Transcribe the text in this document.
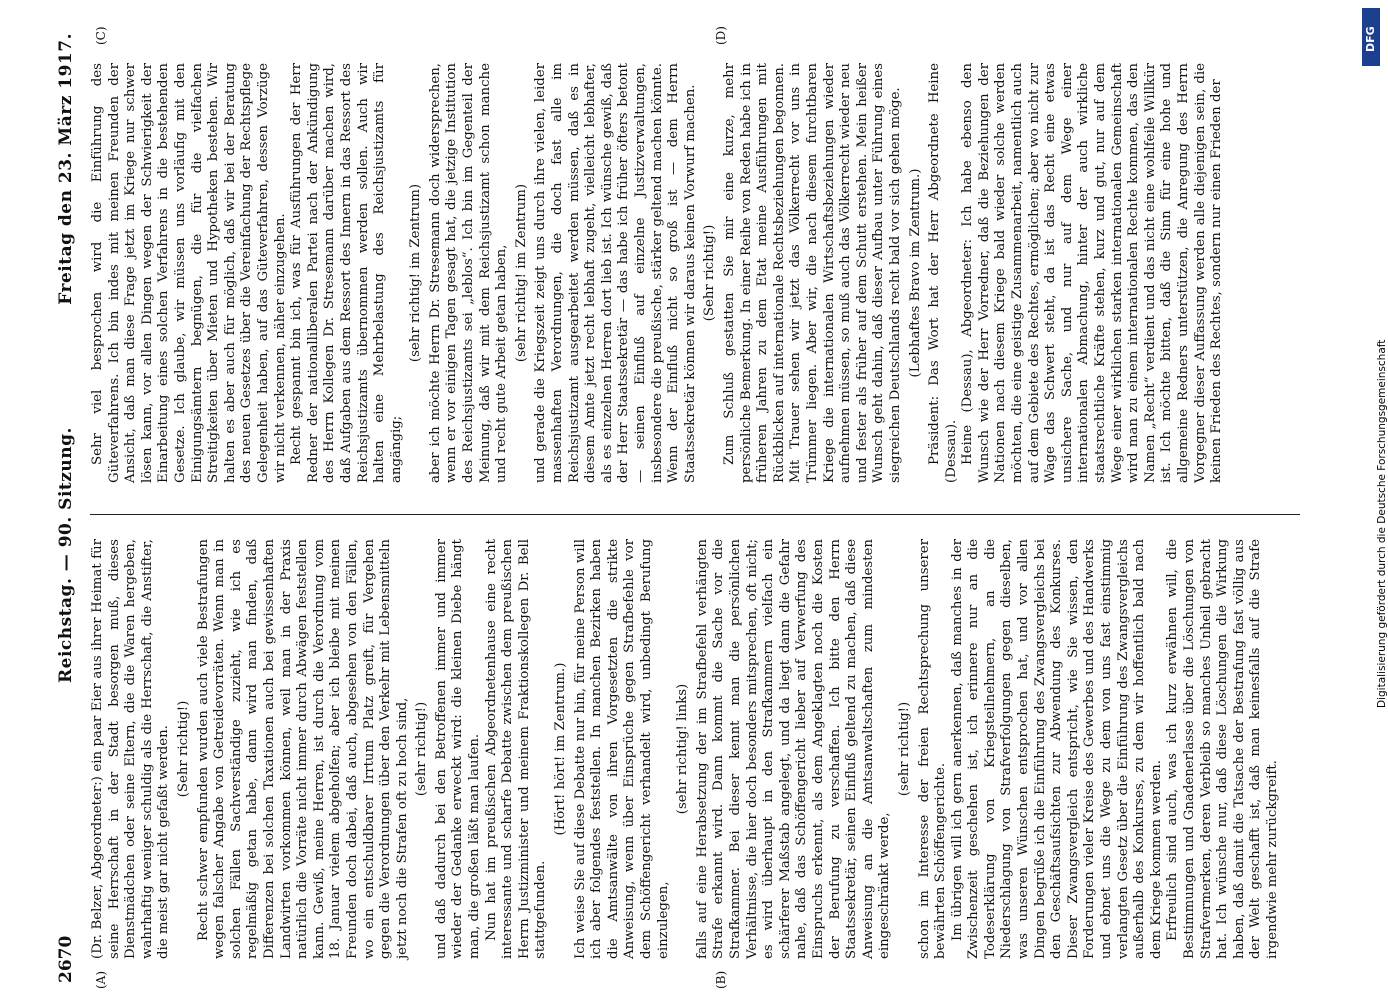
2670
Reichstag. — 90. Sitzung.
Freitag den 23. März 1917.
(A)	(B)
(C)	(D)

(Dr. Belzer, Abgeordneter:) ein paar Eier aus ihrer Heimat für seine Herrschaft in der Stadt besorgen muß, dieses Dienstmädchen oder seine Eltern, die die Waren hergeben, wahrhaftig weniger schuldig als die Herrschaft, die Anstifter, die meist gar nicht gefaßt werden. (Sehr richtig!) Recht schwer empfunden wurden auch viele Bestrafungen wegen falscher Angabe von Getreidevorräten. Wenn man in solchen Fällen Sachverständige zuzieht, wie ich es regelmäßig getan habe, dann wird man finden, daß Differenzen bei solchen Taxationen auch bei gewissenhaften Landwirten vorkommen können, weil man in der Praxis natürlich die Vorräte nicht immer durch Abwägen feststellen kann. Gewiß, meine Herren, ist durch die Verordnung vom 18. Januar vielem abgeholfen; aber ich bleibe mit meinen Freunden doch dabei, daß auch, abgesehen von den Fällen, wo ein entschuldbarer Irrtum Platz greift, für Vergehen gegen die Verordnungen über den Verkehr mit Lebensmitteln jetzt noch die Strafen oft zu hoch sind, (sehr richtig!) und daß dadurch bei den Betroffenen immer und immer wieder der Gedanke erweckt wird: die kleinen Diebe hängt man, die großen läßt man laufen. Nun hat im preußischen Abgeordnetenhause eine recht interessante und scharfe Debatte zwischen dem preußischen Herrn Justizminister und meinem Fraktionskollegen Dr. Bell stattgefunden.

(Hört! hört! im Zentrum.) Ich weise Sie auf diese Debatte nur hin, für meine Person will ich aber folgendes feststellen. In manchen Bezirken haben die Amtsanwälte von ihren Vorgesetzten die strikte Anweisung, wenn über Einsprüche gegen Strafbefehle vor dem Schöffengericht verhandelt wird, unbedingt Berufung einzulegen,

(sehr richtig! links) falls auf eine Herabsetzung der im Strafbefehl verhängten Strafe erkannt wird. Dann kommt die Sache vor die Strafkammer. Bei dieser kennt man die persönlichen Verhältnisse, die hier doch besonders mitsprechen, oft nicht; es wird überhaupt in den Strafkammern vielfach ein schärferer Maßstab angelegt, und da liegt dann die Gefahr nahe, daß das Schöffengericht lieber auf Verwerfung des Einspruchs erkennt, als dem Angeklagten noch die Kosten der Berufung zu verschaffen. Ich bitte den Herrn Staatssekretär, seinen Einfluß geltend zu machen, daß diese Anweisung an die Amtsanwaltschaften zum mindesten eingeschränkt werde,

(sehr richtig!) schon im Interesse der freien Rechtsprechung unserer bewährten Schöffengerichte. Im übrigen will ich gern anerkennen, daß manches in der Zwischenzeit geschehen ist, ich erinnere nur an die Todeserklärung von Kriegsteilnehmern, an die Niederschlagung von Strafverfolgungen gegen dieselben, was unseren Wünschen entsprochen hat, und vor allen Dingen begrüße ich die Einführung des Zwangsvergleichs bei den Geschäftsaufsichten zur Abwendung des Konkurses. Dieser Zwangsvergleich entspricht, wie Sie wissen, den Forderungen vieler Kreise des Gewerbes und des Handwerks und ebnet uns die Wege zu dem von uns fast einstimmig verlangten Gesetz über die Einführung des Zwangsvergleichs außerhalb des Konkurses, zu dem wir hoffentlich bald nach dem Kriege kommen werden. Erfreulich sind auch, was ich kurz erwähnen will, die Bestimmungen und Gnadenerlasse über die Löschungen von Strafvermerken, deren Verbleib so manches Unheil gebracht hat. Ich wünsche nur, daß diese Löschungen die Wirkung haben, daß damit die Tatsache der Bestrafung fast völlig aus der Welt geschafft ist, daß man keinesfalls auf die Strafe irgendwie mehr zurückgreift.

Sehr viel besprochen wird die Einführung des Güteverfahrens. Ich bin indes mit meinen Freunden der Ansicht, daß man diese Frage jetzt im Kriege nur schwer lösen kann, vor allen Dingen wegen der Schwierigkeit der Einarbeitung eines solchen Verfahrens in die bestehenden Gesetze. Ich glaube, wir müssen uns vorläufig mit den Einigungsämtern begnügen, die für die vielfachen Streitigkeiten über Mieten und Hypotheken bestehen. Wir halten es aber auch für möglich, daß wir bei der Beratung des neuen Gesetzes über die Vereinfachung der Rechtspflege Gelegenheit haben, auf das Güteverfahren, dessen Vorzüge wir nicht verkennen, näher einzugehen. Recht gespannt bin ich, was für Ausführungen der Herr Redner der nationalliberalen Partei nach der Ankündigung des Herrn Kollegen Dr. Stresemann darüber machen wird, daß Aufgaben aus dem Ressort des Innern in das Ressort des Reichsjustizamts übernommen werden sollen. Auch wir halten eine Mehrbelastung des Reichsjustizamts für angängig;

(sehr richtig! im Zentrum) aber ich möchte Herrn Dr. Stresemann doch widersprechen, wenn er vor einigen Tagen gesagt hat, die jetzige Institution des Reichsjustizamts sei „leblos“. Ich bin im Gegenteil der Meinung, daß wir mit dem Reichsjustizamt schon manche und recht gute Arbeit getan haben, (sehr richtig! im Zentrum) und gerade die Kriegszeit zeigt uns durch ihre vielen, leider massenhaften Verordnungen, die doch fast alle im Reichsjustizamt ausgearbeitet werden müssen, daß es in diesem Amte jetzt recht lebhaft zugeht, vielleicht lebhafter, als es einzelnen Herren dort lieb ist. Ich wünsche gewiß, daß der Herr Staatssekretär — das habe ich früher öfters betont — seinen Einfluß auf einzelne Justizverwaltungen, insbesondere die preußische, stärker geltend machen könnte. Wenn der Einfluß nicht so groß ist — dem Herrn Staatssekretär können wir daraus keinen Vorwurf machen. (Sehr richtig!) Zum Schluß gestatten Sie mir eine kurze, mehr persönliche Bemerkung. In einer Reihe von Reden habe ich in früheren Jahren zu dem Etat meine Ausführungen mit Rückblicken auf internationale Rechtsbeziehungen begonnen. Mit Trauer sehen wir jetzt das Völkerrecht vor uns in Trümmer liegen. Aber wir, die nach diesem furchtbaren Kriege die internationalen Wirtschaftsbeziehungen wieder aufnehmen müssen, so muß auch das Völkerrecht wieder neu und fester als früher auf dem Schutt erstehen. Mein heißer Wunsch geht dahin, daß dieser Aufbau unter Führung eines siegreichen Deutschlands recht bald vor sich gehen möge. (Lebhaftes Bravo im Zentrum.) Präsident: Das Wort hat der Herr Abgeordnete Heine (Dessau). Heine (Dessau), Abgeordneter: Ich habe ebenso den Wunsch wie der Herr Vorredner, daß die Beziehungen der Nationen nach diesem Kriege bald wieder solche werden möchten, die eine geistige Zusammenarbeit, namentlich auch auf dem Gebiete des Rechtes, ermöglichen; aber wo nicht zur Wage das Schwert steht, da ist das Recht eine etwas unsichere Sache, und nur auf dem Wege einer internationalen Abmachung, hinter der auch wirkliche staatsrechtliche Kräfte stehen, kurz und gut, nur auf dem Wege einer wirklichen starken internationalen Gemeinschaft wird man zu einem internationalen Rechte kommen, das den Namen „Recht“ verdient und das nicht eine wohlfeile Willkür ist. Ich möchte bitten, daß die Sinn für eine hohe und allgemeine Redners unterstützen, die Anregung des Herrn Vorgegner dieser Auffassung werden alle diejenigen sein, die keinen Frieden des Rechtes, sondern nur einen Frieden der

DFG
Digitalisierung gefördert durch die Deutsche Forschungsgemeinschaft
